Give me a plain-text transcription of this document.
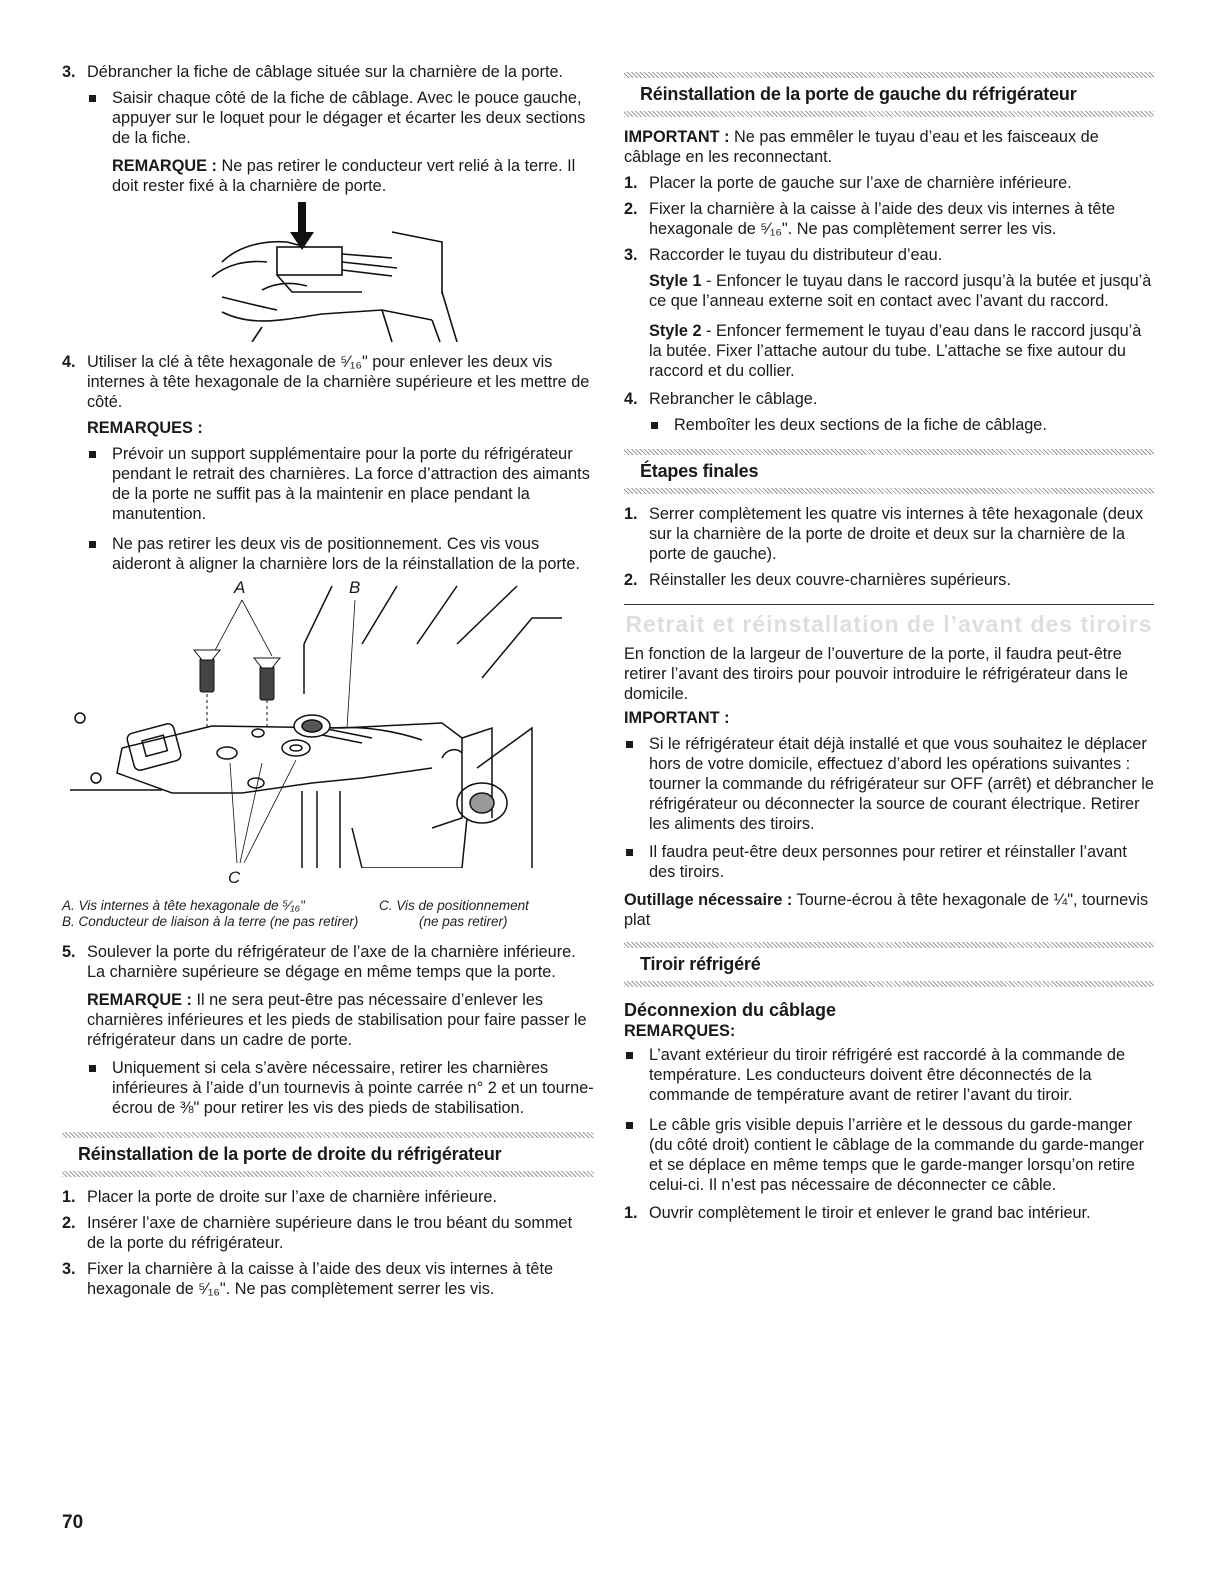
3. Débrancher la fiche de câblage située sur la charnière de la porte.
Saisir chaque côté de la fiche de câblage. Avec le pouce gauche, appuyer sur le loquet pour le dégager et écarter les deux sections de la fiche.

REMARQUE : Ne pas retirer le conducteur vert relié à la terre. Il doit rester fixé à la charnière de porte.

4. Utiliser la clé à tête hexagonale de ⁵⁄₁₆" pour enlever les deux vis internes à tête hexagonale de la charnière supérieure et les mettre de côté.

REMARQUES :

Prévoir un support supplémentaire pour la porte du réfrigérateur pendant le retrait des charnières. La force d’attraction des aimants de la porte ne suffit pas à la maintenir en place pendant la manutention.
Ne pas retirer les deux vis de positionnement. Ces vis vous aideront à aligner la charnière lors de la réinstallation de la porte.
A	B
C

A. Vis internes à tête hexagonale de ⁵⁄₁₆"

B. Conducteur de liaison à la terre (ne pas retirer)

C. Vis de positionnement

(ne pas retirer)

5. Soulever la porte du réfrigérateur de l’axe de la charnière inférieure. La charnière supérieure se dégage en même temps que la porte.

REMARQUE : Il ne sera peut-être pas nécessaire d’enlever les charnières inférieures et les pieds de stabilisation pour faire passer le réfrigérateur dans un cadre de porte.

Uniquement si cela s’avère nécessaire, retirer les charnières inférieures à l’aide d’un tournevis à pointe carrée n° 2 et un tourne-écrou de ⅜" pour retirer les vis des pieds de stabilisation.
Réinstallation de la porte de droite du réfrigérateur
1. Placer la porte de droite sur l’axe de charnière inférieure.
2. Insérer l’axe de charnière supérieure dans le trou béant du sommet de la porte du réfrigérateur.
3. Fixer la charnière à la caisse à l’aide des deux vis internes à tête hexagonale de ⁵⁄₁₆". Ne pas complètement serrer les vis.
Réinstallation de la porte de gauche du réfrigérateur

IMPORTANT : Ne pas emmêler le tuyau d’eau et les faisceaux de câblage en les reconnectant.

1. Placer la porte de gauche sur l’axe de charnière inférieure.
2. Fixer la charnière à la caisse à l’aide des deux vis internes à tête hexagonale de ⁵⁄₁₆". Ne pas complètement serrer les vis.
3. Raccorder le tuyau du distributeur d’eau.

Style 1 - Enfoncer le tuyau dans le raccord jusqu’à la butée et jusqu’à ce que l’anneau externe soit en contact avec l’avant du raccord.

Style 2 - Enfoncer fermement le tuyau d’eau dans le raccord jusqu’à la butée. Fixer l’attache autour du tube. L’attache se fixe autour du raccord et du collier.

4. Rebrancher le câblage.
Remboîter les deux sections de la fiche de câblage.
Étapes finales
1. Serrer complètement les quatre vis internes à tête hexagonale (deux sur la charnière de la porte de droite et deux sur la charnière de la porte de gauche).
2. Réinstaller les deux couvre-charnières supérieurs.
Retrait et réinstallation de l’avant des tiroirs

En fonction de la largeur de l’ouverture de la porte, il faudra peut-être retirer l’avant des tiroirs pour pouvoir introduire le réfrigérateur dans le domicile.

IMPORTANT :

Si le réfrigérateur était déjà installé et que vous souhaitez le déplacer hors de votre domicile, effectuez d’abord les opérations suivantes : tourner la commande du réfrigérateur sur OFF (arrêt) et débrancher le réfrigérateur ou déconnecter la source de courant électrique. Retirer les aliments des tiroirs.
Il faudra peut-être deux personnes pour retirer et réinstaller l’avant des tiroirs.

Outillage nécessaire : Tourne-écrou à tête hexagonale de ¼", tournevis plat

Tiroir réfrigéré

Déconnexion du câblage

REMARQUES:

L’avant extérieur du tiroir réfrigéré est raccordé à la commande de température. Les conducteurs doivent être déconnectés de la commande de température avant de retirer l’avant du tiroir.
Le câble gris visible depuis l’arrière et le dessous du garde-manger (du côté droit) contient le câblage de la commande du garde-manger et se déplace en même temps que le garde-manger lorsqu’on retire celui-ci. Il n’est pas nécessaire de déconnecter ce câble.
1. Ouvrir complètement le tiroir et enlever le grand bac intérieur.
70
